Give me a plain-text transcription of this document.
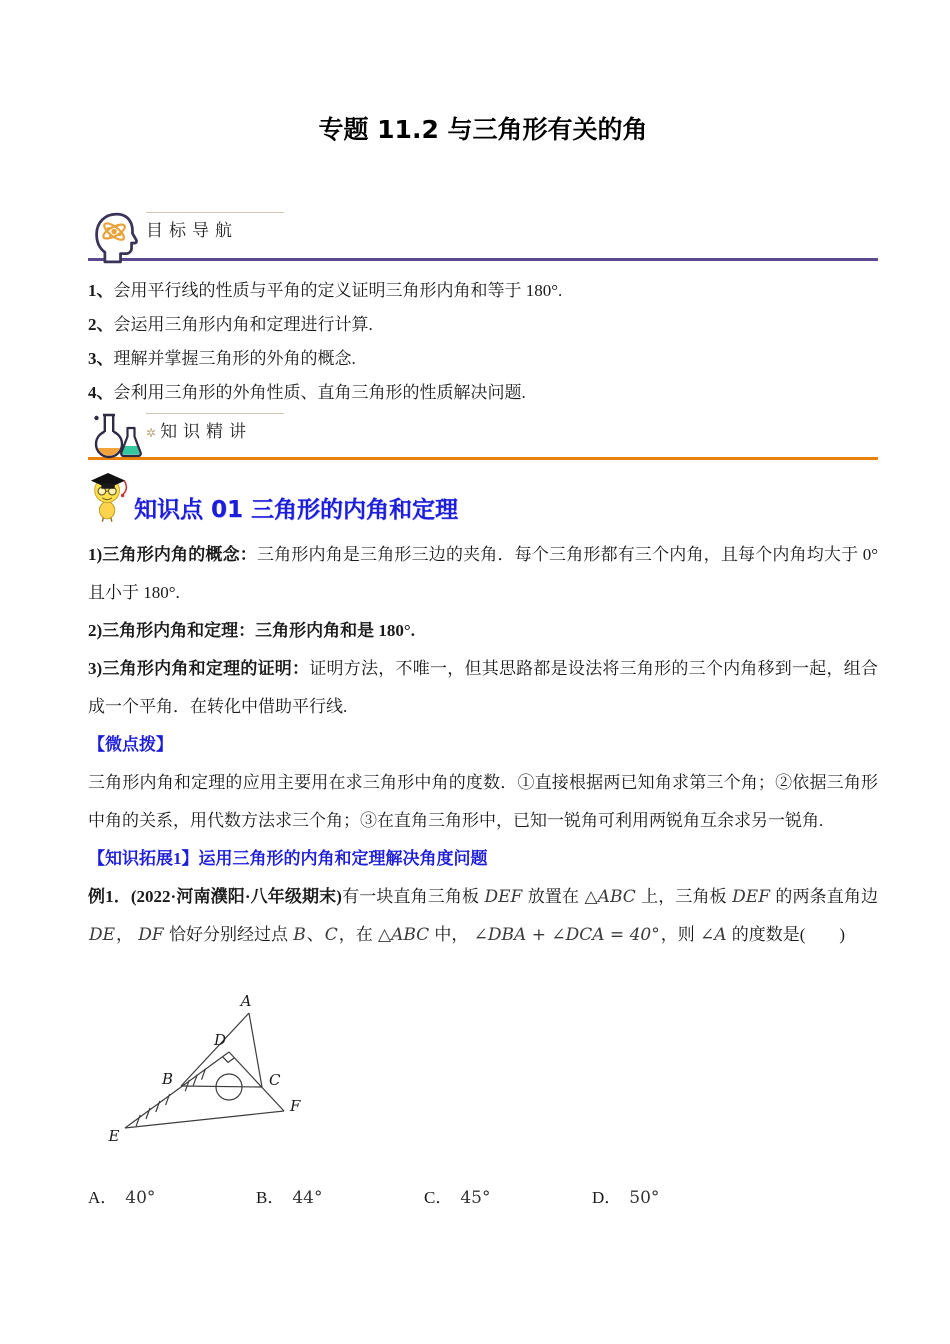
专题 11.2 与三角形有关的角
目标导航
1、会用平行线的性质与平角的定义证明三角形内角和等于 180°.
2、会运用三角形内角和定理进行计算.
3、理解并掌握三角形的外角的概念.
4、会利用三角形的外角性质、直角三角形的性质解决问题.
✲ 知识精讲
知识点 01 三角形的内角和定理

1)三角形内角的概念：三角形内角是三角形三边的夹角．每个三角形都有三个内角，且每个内角均大于 0°且小于 180°.

2)三角形内角和定理：三角形内角和是 180°.

3)三角形内角和定理的证明：证明方法，不唯一，但其思路都是设法将三角形的三个内角移到一起，组合成一个平角．在转化中借助平行线.

【微点拨】

三角形内角和定理的应用主要用在求三角形中角的度数．①直接根据两已知角求第三个角；②依据三角形中角的关系，用代数方法求三个角；③在直角三角形中，已知一锐角可利用两锐角互余求另一锐角.

【知识拓展1】运用三角形的内角和定理解决角度问题

例1．(2022·河南濮阳·八年级期末)有一块直角三角板 DEF 放置在 △ABC 上，三角板 DEF 的两条直角边 DE， DF 恰好分别经过点 B、C，在 △ABC 中， ∠DBA + ∠DCA = 40°，则 ∠A 的度数是(　　)

A
D
B	C
E
F
A． 40°	B． 44°	C． 45°	D． 50°
